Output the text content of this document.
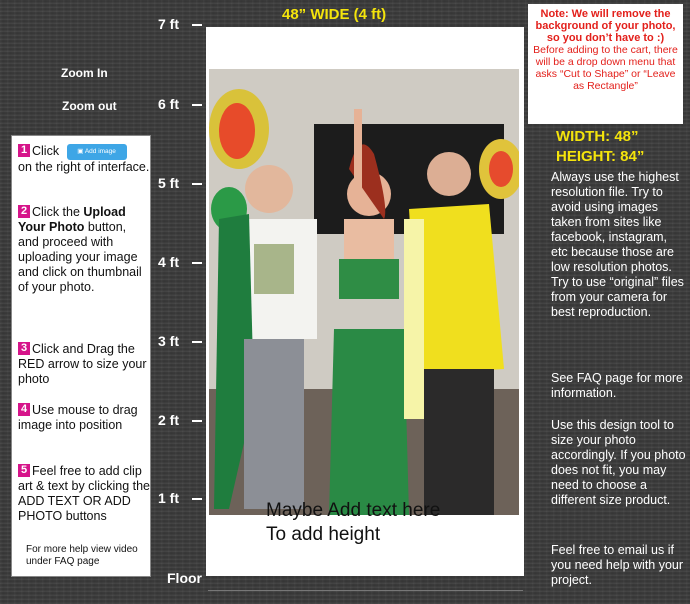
7 ft
6 ft
5 ft
4 ft
3 ft
2 ft
1 ft
Floor
Zoom In
Zoom out
1 Click	▣ Add image
on the right of interface.
2 Click the Upload Your Photo button, and proceed with uploading your image and click on thumbnail of your photo.
3 Click and Drag the RED arrow to size your photo
4 Use mouse to drag image into position
5 Feel free to add clip art & text by clicking the ADD TEXT OR ADD PHOTO buttons
For more help view video under FAQ page
48” WIDE (4 ft)
Maybe Add text here
To add height
Note: We will remove the background of your photo, so you don’t have to :)
Before adding to the cart, there will be a drop down menu that asks “Cut to Shape” or “Leave as Rectangle”
WIDTH: 48”
HEIGHT: 84”
Always use the highest resolution file. Try to avoid using images taken from sites like facebook, instagram, etc because those are low resolution photos. Try to use “original” files from your camera for best reproduction.
See FAQ page for more information.
Use this design tool to size your photo accordingly. If you photo does not fit, you may need to choose a different size product.
Feel free to email us if you need help with your project.
